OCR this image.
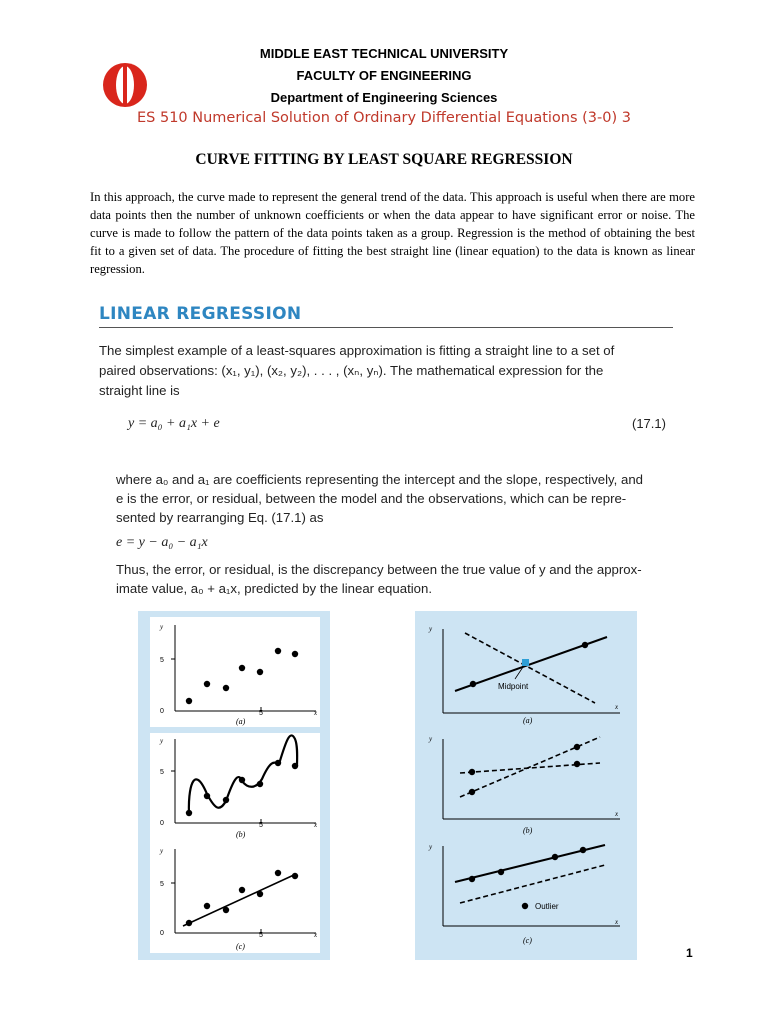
MIDDLE EAST TECHNICAL UNIVERSITY
FACULTY OF ENGINEERING
Department of Engineering Sciences
ES 510 Numerical Solution of Ordinary Differential Equations (3-0) 3
CURVE FITTING BY LEAST SQUARE REGRESSION
In this approach, the curve made to represent the general trend of the data. This approach is useful when there are more data points then the number of unknown coefficients or when the data appear to have significant error or noise. The curve is made to follow the pattern of the data points taken as a group. Regression is the method of obtaining the best fit to a given set of data. The procedure of fitting the best straight line (linear equation) to the data is known as linear regression.
LINEAR REGRESSION
The simplest example of a least-squares approximation is fitting a straight line to a set of
paired observations: (x₁, y₁), (x₂, y₂), . . . , (xₙ, yₙ). The mathematical expression for the
straight line is
y = a₀ + a₁x + e	(17.1)
where a₀ and a₁ are coefficients representing the intercept and the slope, respectively, and
e is the error, or residual, between the model and the observations, which can be repre-
sented by rearranging Eq. (17.1) as
e = y − a₀ − a₁x
Thus, the error, or residual, is the discrepancy between the true value of y and the approx-
imate value, a₀ + a₁x, predicted by the linear equation.
y
5
0	5	x
(a)
y
5
0	5	x
(b)
y
5
0	5	x
(c)
Midpoint
y
x
(a)
y
x
(b)
Outlier
y
x
(c)
1
